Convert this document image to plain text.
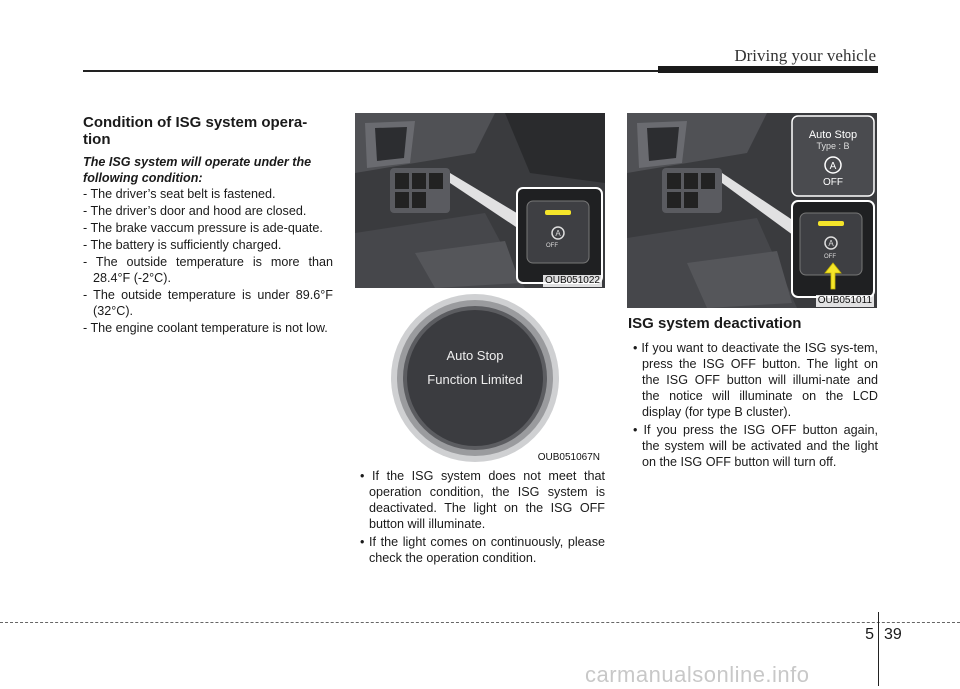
Driving your vehicle

Condition of ISG system opera-tion

The ISG system will operate under the following condition:

- The driver’s seat belt is fastened.

- The driver’s door and hood are closed.

- The brake vaccum pressure is ade-quate.

- The battery is sufficiently charged.

- The outside temperature is more than 28.4°F (-2°C).

- The outside temperature is under 89.6°F (32°C).

- The engine coolant temperature is not low.

A
OFF
OUB051022
Auto Stop
Function Limited
OUB051067N
A
A
Auto Stop
Type : B
OFF
OFF
OUB051011
• If the ISG system does not meet that operation condition, the ISG system is deactivated. The light on the ISG OFF button will illuminate.
• If the light comes on continuously, please check the operation condition.

ISG system deactivation

• If you want to deactivate the ISG sys-tem, press the ISG OFF button. The light on the ISG OFF button will illumi-nate and the notice will illuminate on the LCD display (for type B cluster).
• If you press the ISG OFF button again, the system will be activated and the light on the ISG OFF button will turn off.
5 39
carmanualsonline.info
